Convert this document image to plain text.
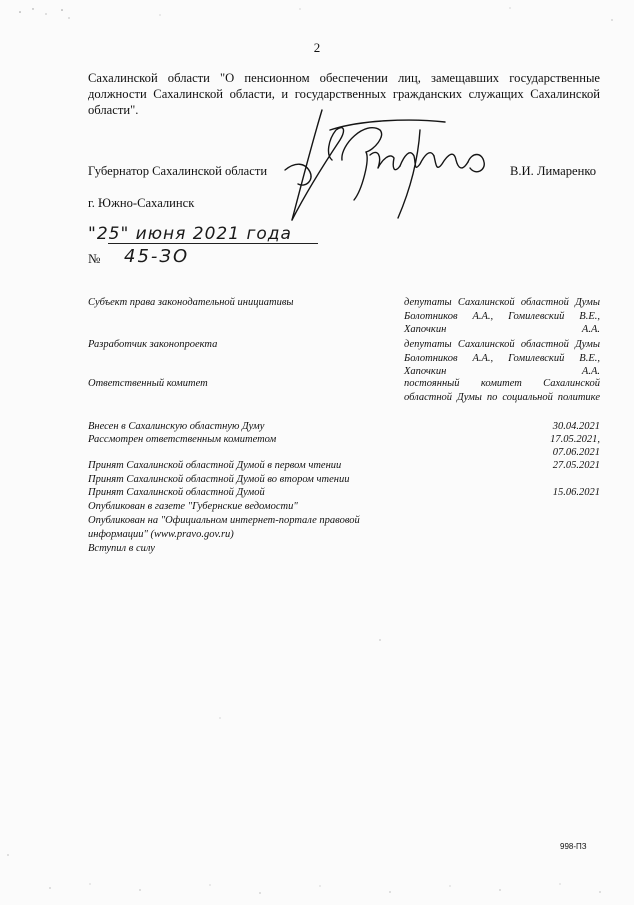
2
Сахалинской области "О пенсионном обеспечении лиц, замещавших государственные должности Сахалинской области, и государственных гражданских служащих Сахалинской области".
Губернатор Сахалинской области	В.И. Лимаренко
г. Южно-Сахалинск
"25" июня 2021 года
№ 45-ЗО
Субъект права законодательной инициативы	депутаты Сахалинской областной Думы Болотников А.А., Гомилевский В.Е., Хапочкин А.А.
Разработчик законопроекта	депутаты Сахалинской областной Думы Болотников А.А., Гомилевский В.Е., Хапочкин А.А.
Ответственный комитет	постоянный комитет Сахалинской областной Думы по социальной политике
Внесен в Сахалинскую областную Думу	30.04.2021
Рассмотрен ответственным комитетом	17.05.2021,
07.06.2021
Принят Сахалинской областной Думой в первом чтении	27.05.2021
Принят Сахалинской областной Думой во втором чтении
Принят Сахалинской областной Думой	15.06.2021
Опубликован в газете "Губернские ведомости"
Опубликован на "Официальном интернет-портале правовой информации" (www.pravo.gov.ru)
Вступил в силу
998-ПЗ
